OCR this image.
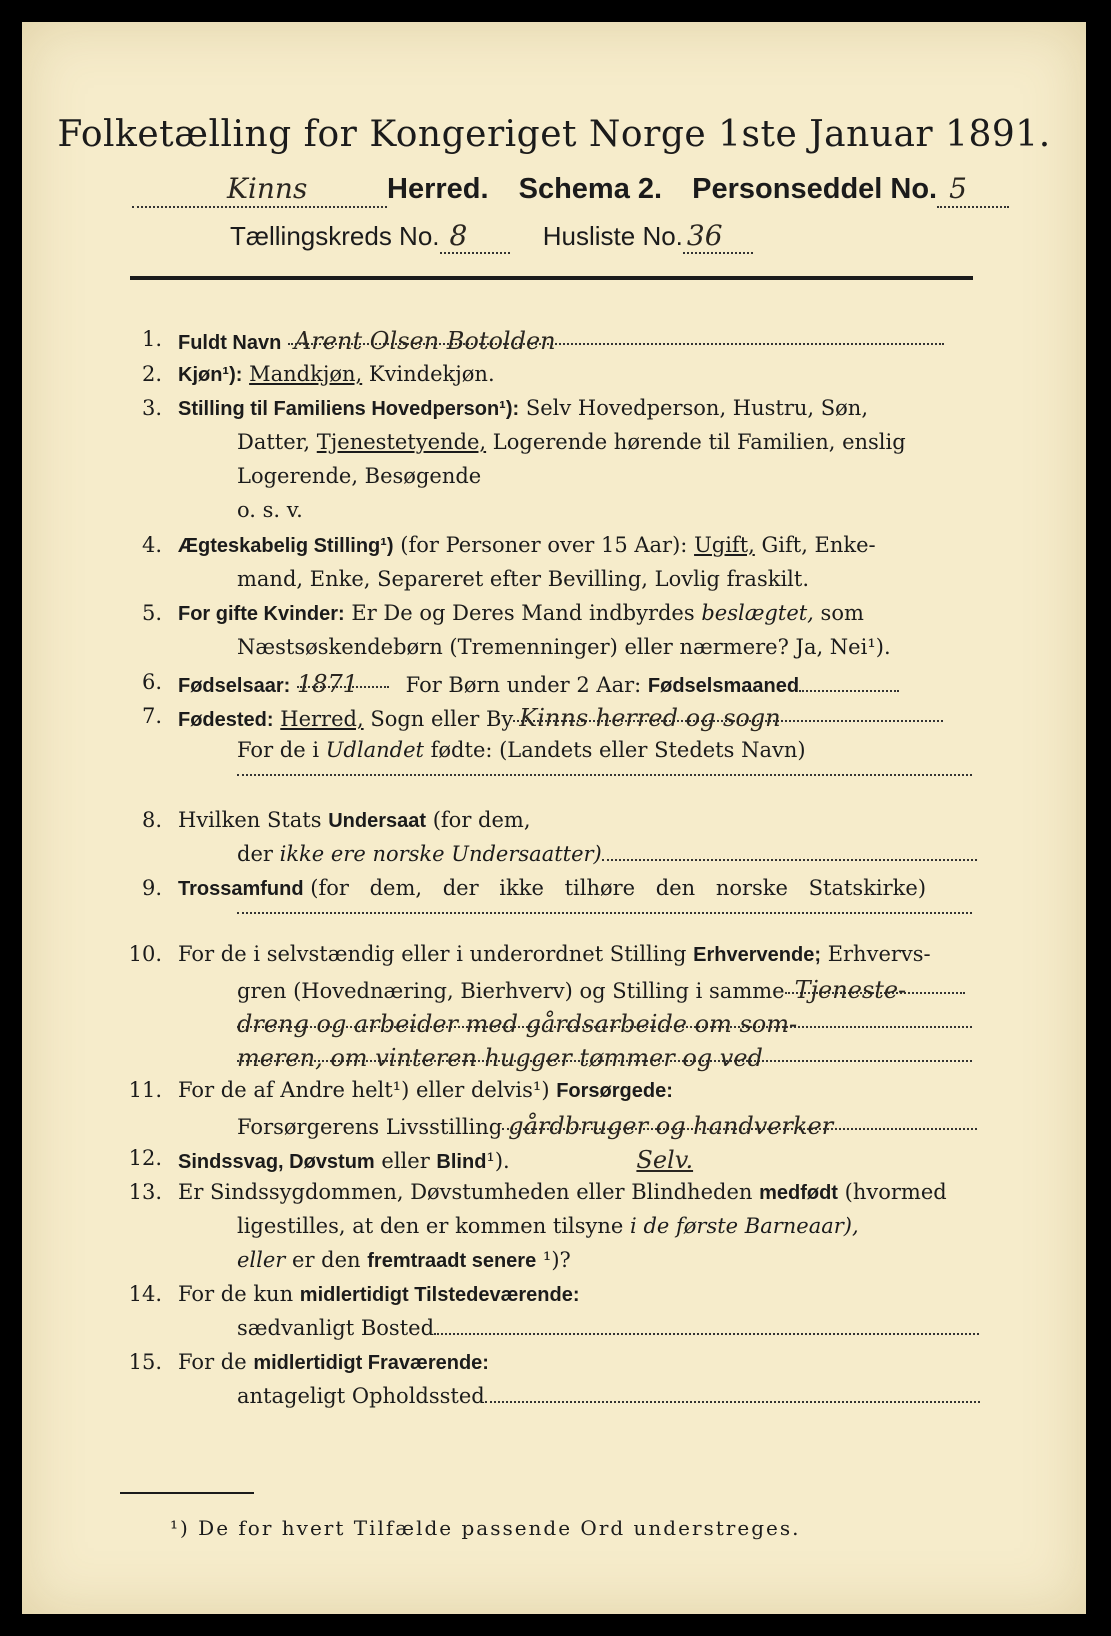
Folketælling for Kongeriget Norge 1ste Januar 1891.
Kinns	Herred. Schema 2. Personseddel No. 5
Tællingskreds No. 8	Husliste No. 36
1. Fuldt Navn Arent Olsen Botolden
2. Kjøn¹): Mandkjøn, Kvindekjøn.
3. Stilling til Familiens Hovedperson¹): Selv Hovedperson, Hustru, Søn,
Datter, Tjenestetyende, Logerende hørende til Familien, enslig
Logerende, Besøgende
o. s. v.
4. Ægteskabelig Stilling¹) (for Personer over 15 Aar): Ugift, Gift, Enke-
mand, Enke, Separeret efter Bevilling, Lovlig fraskilt.
5. For gifte Kvinder: Er De og Deres Mand indbyrdes beslægtet, som
Næstsøskendebørn (Tremenninger) eller nærmere? Ja, Nei¹).
6. Fødselsaar: 1871 For Børn under 2 Aar: Fødselsmaaned
7. Fødested: Herred, Sogn eller By Kinns herred og sogn
For de i Udlandet fødte: (Landets eller Stedets Navn)
8. Hvilken Stats Undersaat (for dem,
der ikke ere norske Undersaatter)
9. Trossamfund (for dem, der ikke tilhøre den norske Statskirke)
10. For de i selvstændig eller i underordnet Stilling Erhvervende; Erhvervs-
gren (Hovednæring, Bierhverv) og Stilling i samme Tjeneste-
dreng og arbeider med gårdsarbeide om som-
meren, om vinteren hugger tømmer og ved
11. For de af Andre helt¹) eller delvis¹) Forsørgede:
Forsørgerens Livsstilling gårdbruger og handverker
12. Sindssvag, Døvstum eller Blind¹).	Selv.
13. Er Sindssygdommen, Døvstumheden eller Blindheden medfødt (hvormed
ligestilles, at den er kommen tilsyne i de første Barneaar),
eller er den fremtraadt senere ¹)?
14. For de kun midlertidigt Tilstedeværende:
sædvanligt Bosted
15. For de midlertidigt Fraværende:
antageligt Opholdssted
¹) De for hvert Tilfælde passende Ord understreges.
